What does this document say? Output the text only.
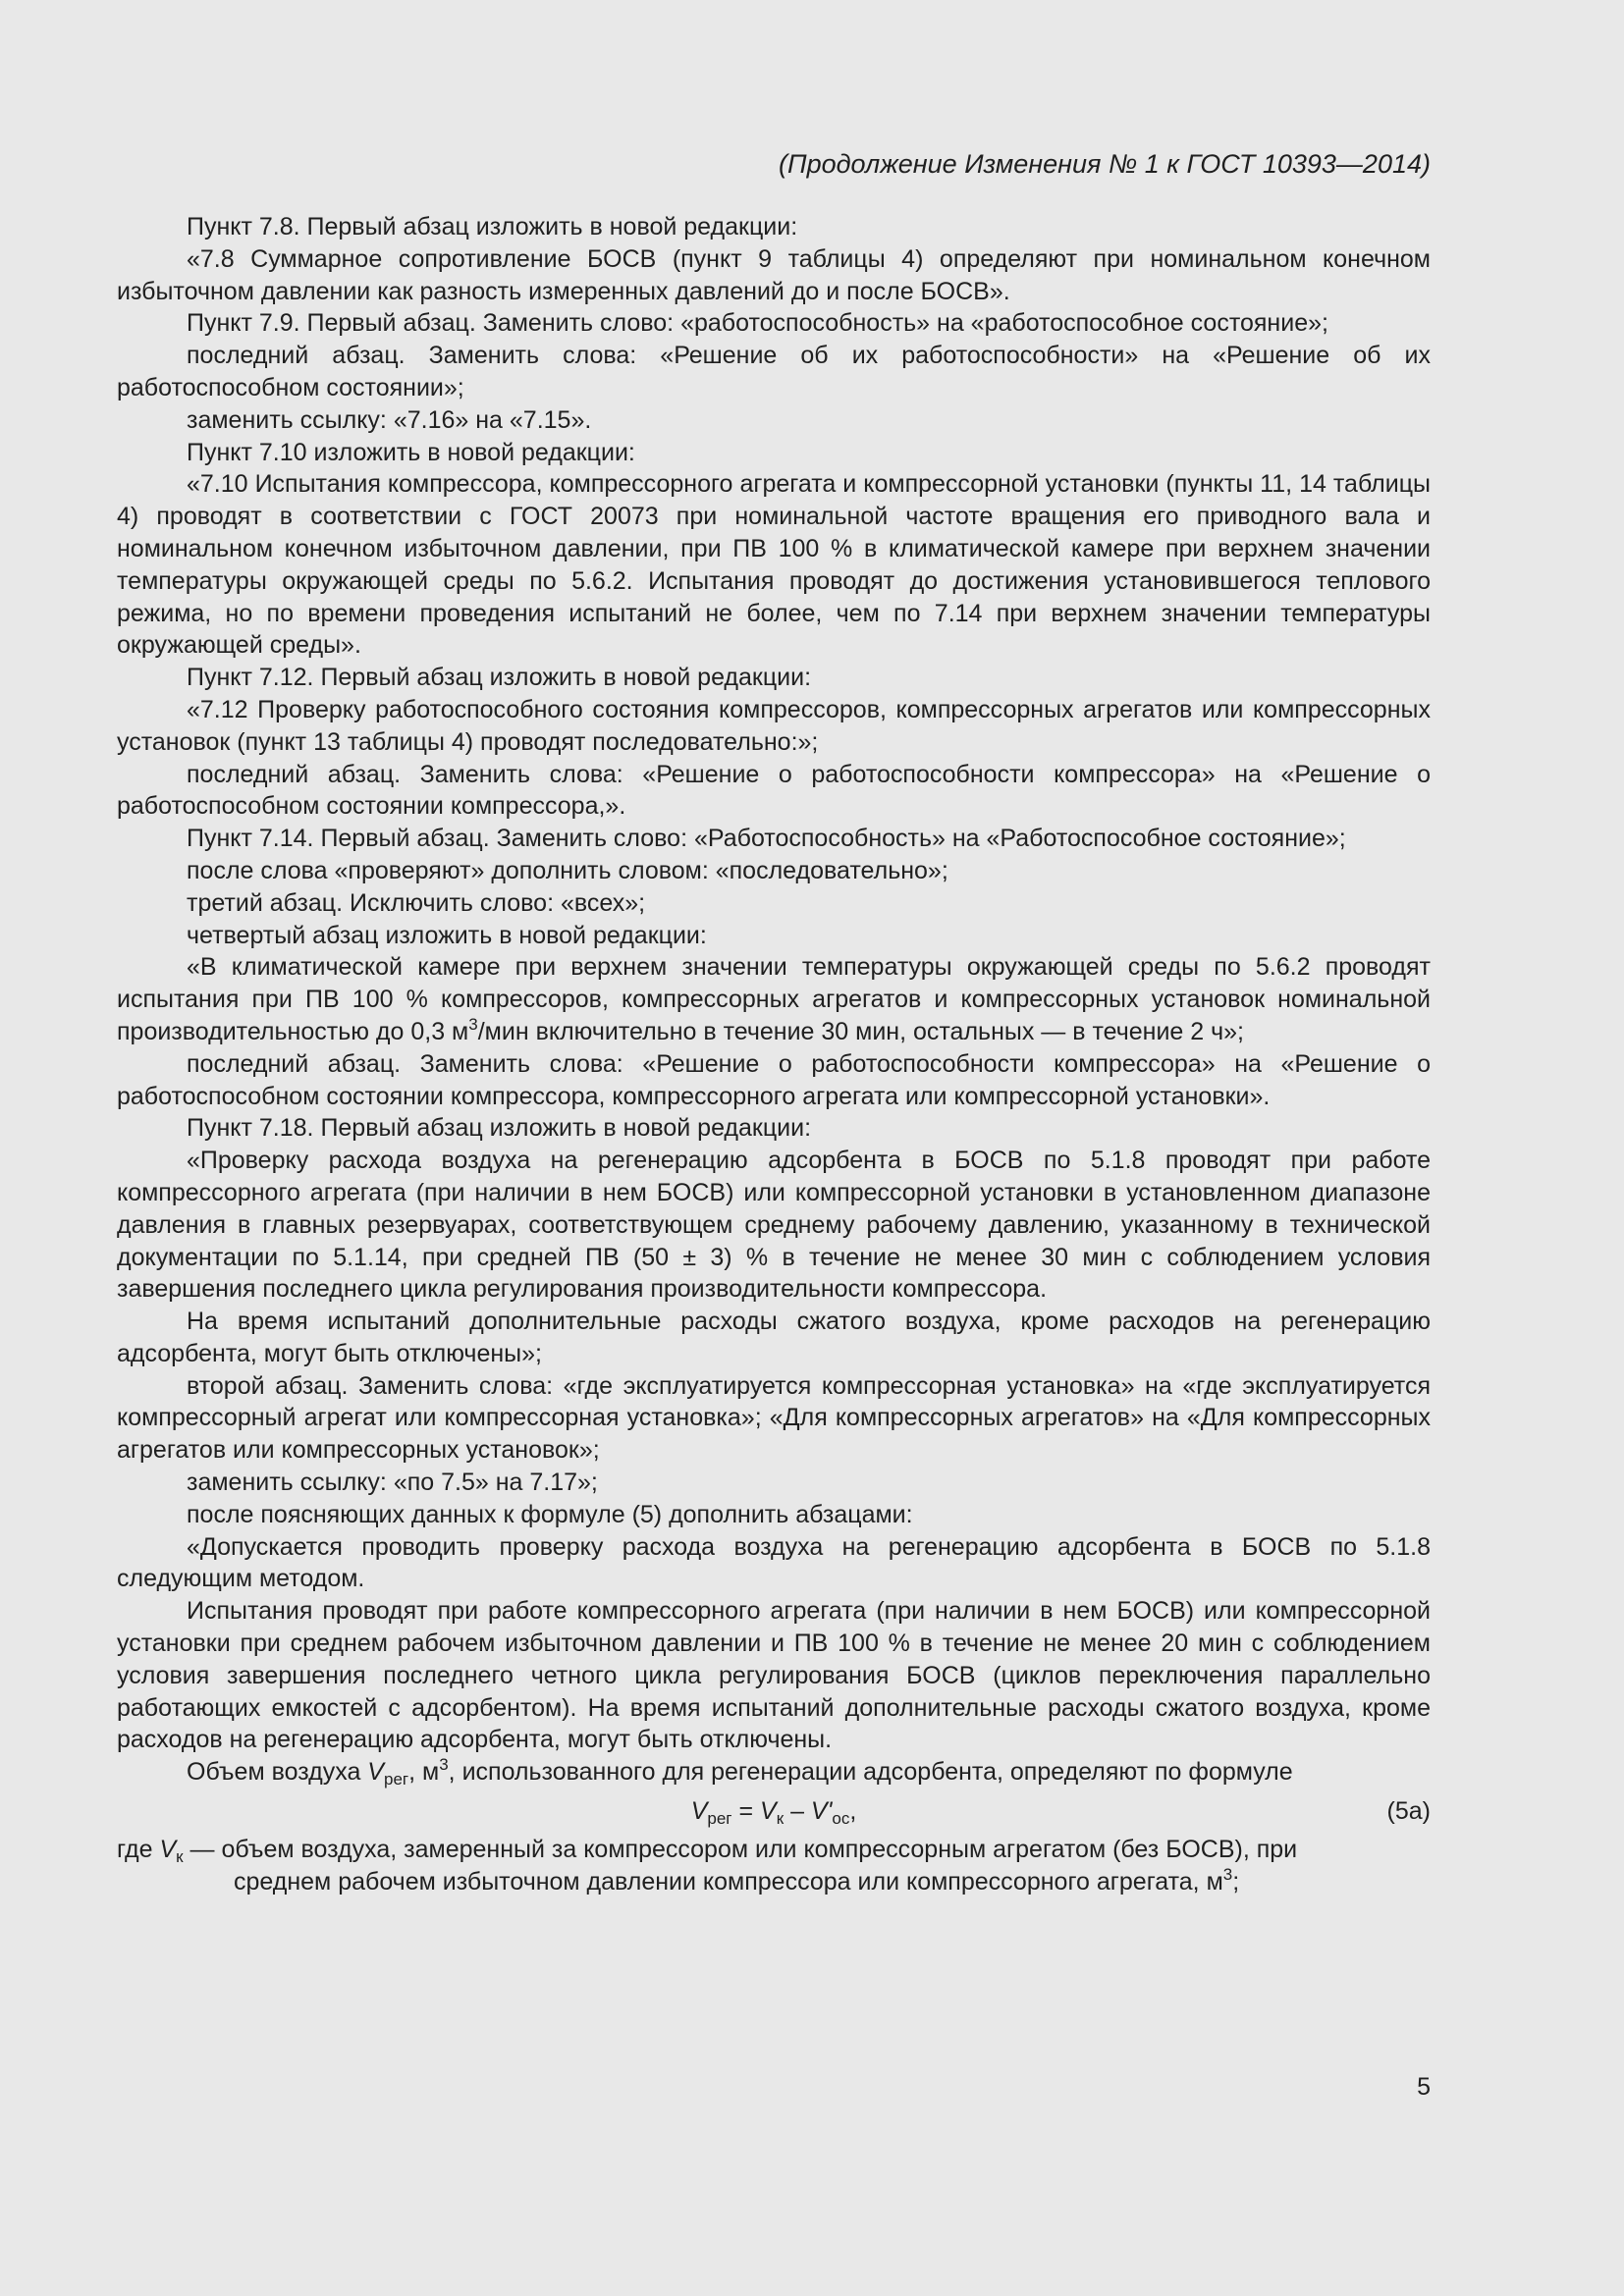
(Продолжение Изменения № 1 к ГОСТ 10393—2014)

Пункт 7.8. Первый абзац изложить в новой редакции:

«7.8 Суммарное сопротивление БОСВ (пункт 9 таблицы 4) определяют при номинальном конечном избыточном давлении как разность измеренных давлений до и после БОСВ».

Пункт 7.9. Первый абзац. Заменить слово: «работоспособность» на «работоспособное состояние»;

последний абзац. Заменить слова: «Решение об их работоспособности» на «Решение об их работоспособном состоянии»;

заменить ссылку: «7.16» на «7.15».

Пункт 7.10 изложить в новой редакции:

«7.10 Испытания компрессора, компрессорного агрегата и компрессорной установки (пункты 11, 14 таблицы 4) проводят в соответствии с ГОСТ 20073 при номинальной частоте вращения его приводного вала и номинальном конечном избыточном давлении, при ПВ 100 % в климатической камере при верхнем значении температуры окружающей среды по 5.6.2. Испытания проводят до достижения установившегося теплового режима, но по времени проведения испытаний не более, чем по 7.14 при верхнем значении температуры окружающей среды».

Пункт 7.12. Первый абзац изложить в новой редакции:

«7.12 Проверку работоспособного состояния компрессоров, компрессорных агрегатов или компрессорных установок (пункт 13 таблицы 4) проводят последовательно:»;

последний абзац. Заменить слова: «Решение о работоспособности компрессора» на «Решение о работоспособном состоянии компрессора,».

Пункт 7.14. Первый абзац. Заменить слово: «Работоспособность» на «Работоспособное состояние»;

после слова «проверяют» дополнить словом: «последовательно»;

третий абзац. Исключить слово: «всех»;

четвертый абзац изложить в новой редакции:

«В климатической камере при верхнем значении температуры окружающей среды по 5.6.2 проводят испытания при ПВ 100 % компрессоров, компрессорных агрегатов и компрессорных установок номинальной производительностью до 0,3 $м^3$/мин включительно в течение 30 мин, остальных — в течение 2 ч»;

последний абзац. Заменить слова: «Решение о работоспособности компрессора» на «Решение о работоспособном состоянии компрессора, компрессорного агрегата или компрессорной установки».

Пункт 7.18. Первый абзац изложить в новой редакции:

«Проверку расхода воздуха на регенерацию адсорбента в БОСВ по 5.1.8 проводят при работе компрессорного агрегата (при наличии в нем БОСВ) или компрессорной установки в установленном диапазоне давления в главных резервуарах, соответствующем среднему рабочему давлению, указанному в технической документации по 5.1.14, при средней ПВ (50 ± 3) % в течение не менее 30 мин с соблюдением условия завершения последнего цикла регулирования производительности компрессора.

На время испытаний дополнительные расходы сжатого воздуха, кроме расходов на регенерацию адсорбента, могут быть отключены»;

второй абзац. Заменить слова: «где эксплуатируется компрессорная установка» на «где эксплуатируется компрессорный агрегат или компрессорная установка»; «Для компрессорных агрегатов» на «Для компрессорных агрегатов или компрессорных установок»;

заменить ссылку: «по 7.5» на 7.17»;

после поясняющих данных к формуле (5) дополнить абзацами:

«Допускается проводить проверку расхода воздуха на регенерацию адсорбента в БОСВ по 5.1.8 следующим методом.

Испытания проводят при работе компрессорного агрегата (при наличии в нем БОСВ) или компрессорной установки при среднем рабочем избыточном давлении и ПВ 100 % в течение не менее 20 мин с соблюдением условия завершения последнего четного цикла регулирования БОСВ (циклов переключения параллельно работающих емкостей с адсорбентом). На время испытаний дополнительные расходы сжатого воздуха, кроме расходов на регенерацию адсорбента, могут быть отключены.

Объем воздуха $V_{рег}$, $м^3$, использованного для регенерации адсорбента, определяют по формуле

$V_{рег} = V_к - V'_{ос}$,	(5а)
где $V_к$ — объем воздуха, замеренный за компрессором или компрессорным агрегатом (без БОСВ), при
среднем рабочем избыточном давлении компрессора или компрессорного агрегата, $м^3$;
5
